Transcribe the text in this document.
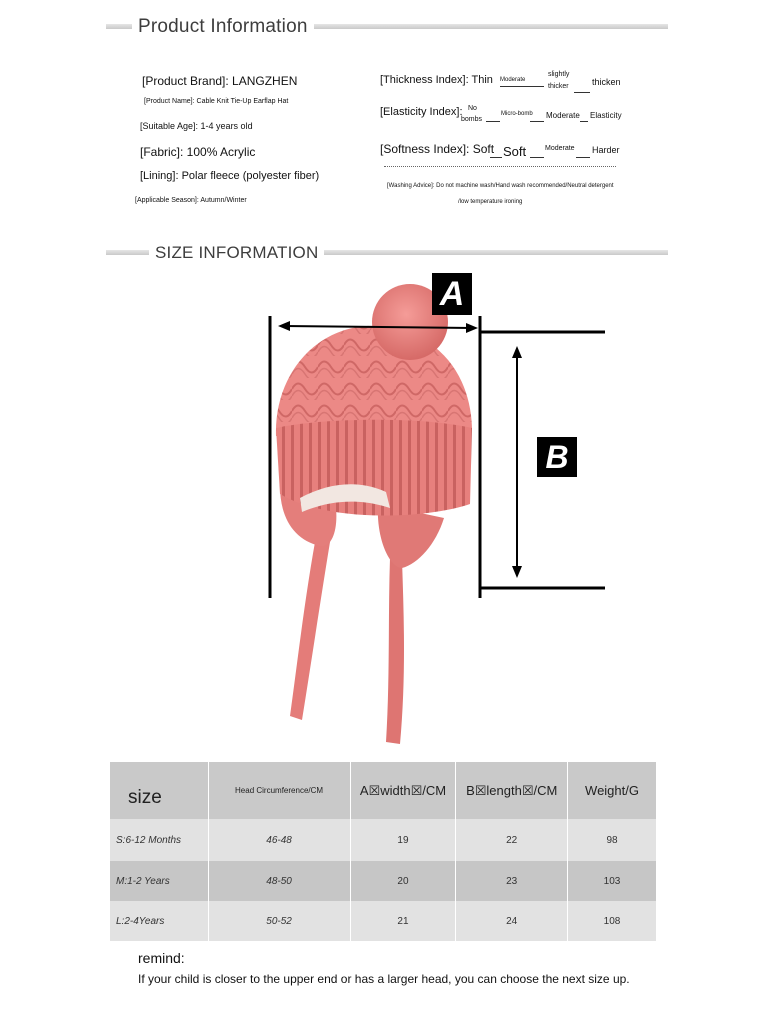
Product Information
[Product Brand]: LANGZHEN
[Product Name]: Cable Knit Tie-Up Earflap Hat
[Suitable Age]: 1-4 years old
[Fabric]: 100% Acrylic
[Lining]: Polar fleece (polyester fiber)
[Applicable Season]: Autumn/Winter
[Thickness Index]: Thin Moderate
slightly
thicker	thicken
[Elasticity Index]: No
bombs
Micro-bomb Moderate Elasticity
[Softness Index]: Soft Soft	Moderate Harder
[Washing Advice]: Do not machine wash/Hand wash recommended/Neutral detergent
/low temperature ironing
SIZE INFORMATION
A
B
size	Head Circumference/CM	A☒width☒/CM	B☒length☒/CM	Weight/G
S:6-12 Months	46-48	19	22	98
M:1-2 Years	48-50	20	23	103
L:2-4Years	50-52	21	24	108
remind:
If your child is closer to the upper end or has a larger head, you can choose the next size up.
